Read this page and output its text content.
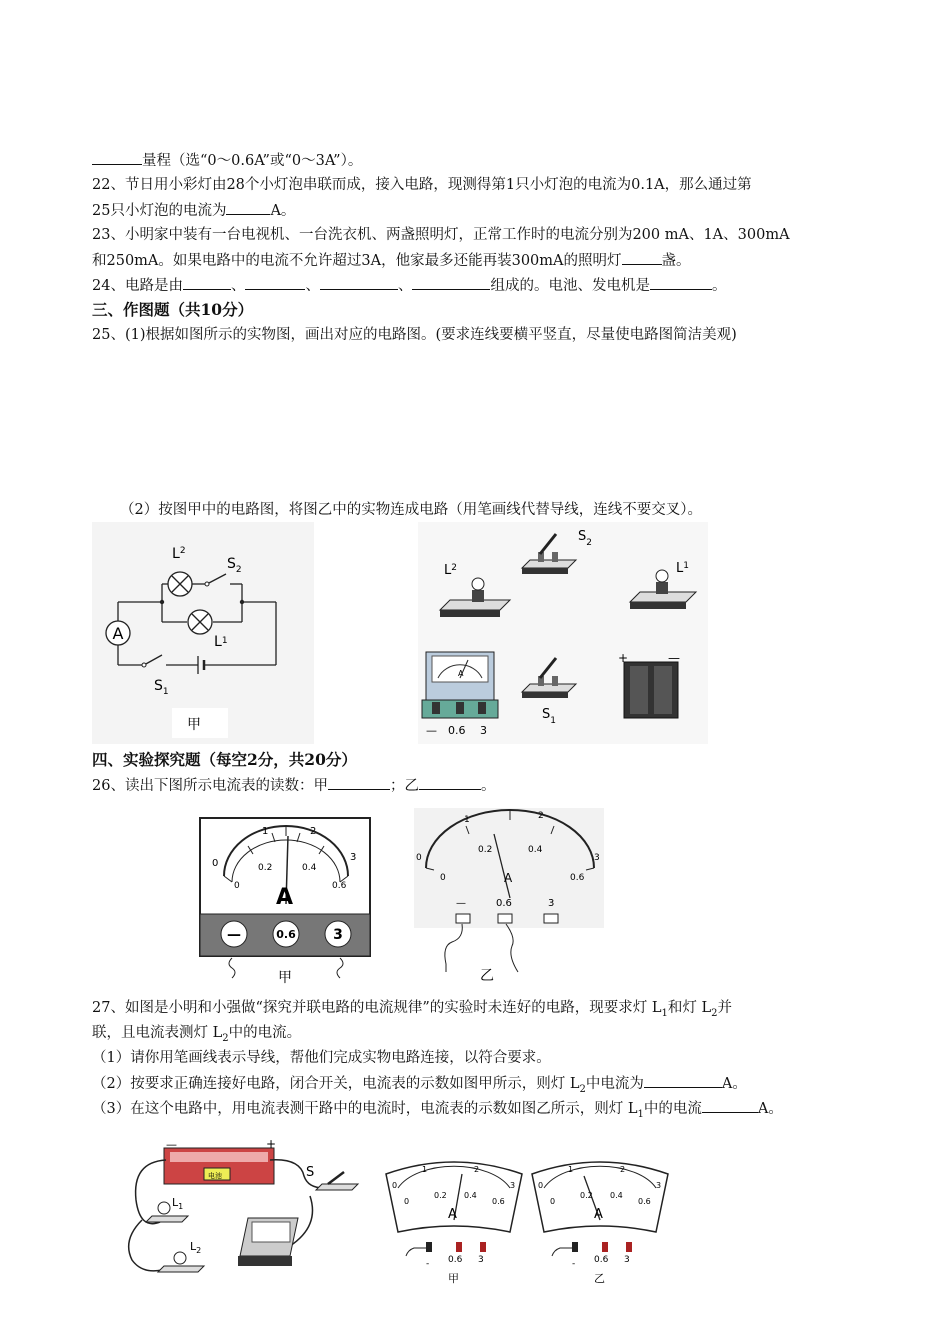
量程（选“0～0.6A”或“0～3A”）。
22、节日用小彩灯由28个小灯泡串联而成，接入电路，现测得第1只小灯泡的电流为0.1A，那么通过第
25只小灯泡的电流为	A。
23、小明家中装有一台电视机、一台洗衣机、两盏照明灯，正常工作时的电流分别为200 mA、1A、300mA
和250mA。如果电路中的电流不允许超过3A，他家最多还能再装300mA的照明灯	盏。
24、电路是由	、	、	、	组成的。电池、发电机是	。
三、作图题（共10分）
25、(1)根据如图所示的实物图，画出对应的电路图。(要求连线要横平竖直，尽量使电路图简洁美观)
（2）按图甲中的电路图，将图乙中的实物连成电路（用笔画线代替导线，连线不要交叉）。
A
$L^2$
$S_2$
$L^1$
$S_1$
甲
$S_2$
$L^2$	$L^1$
A
— 0.6 3
$S_1$
+	—
四、实验探究题（每空2分，共20分）
26、读出下图所示电流表的读数：甲	；乙	。
1	2
3
0
0
0.2	0.4
0.6
A
—	0.6	3
甲
0
1	2
3
0
0.2	0.4
0.6
A
—	0.6	3
乙
27、如图是小明和小强做“探究并联电路的电流规律”的实验时未连好的电路，现要求灯 $L_1$和灯 $L_2$并
联，且电流表测灯 $L_2$中的电流。
（1）请你用笔画线表示导线，帮他们完成实物电路连接，以符合要求。
（2）按要求正确连接好电路，闭合开关，电流表的示数如图甲所示，则灯 $L_2$中电流为	A。
（3）在这个电路中，用电流表测干路中的电流时，电流表的示数如图乙所示，则灯 $L_1$中的电流	A。
电池
—	+
S
$L_1$
$L_2$
0
1	2
3
0
0.2 0.4
0.6
A
- 0.6 3
甲
0
1	2
3
0
0.2 0.4
0.6
A
- 0.6 3
乙
